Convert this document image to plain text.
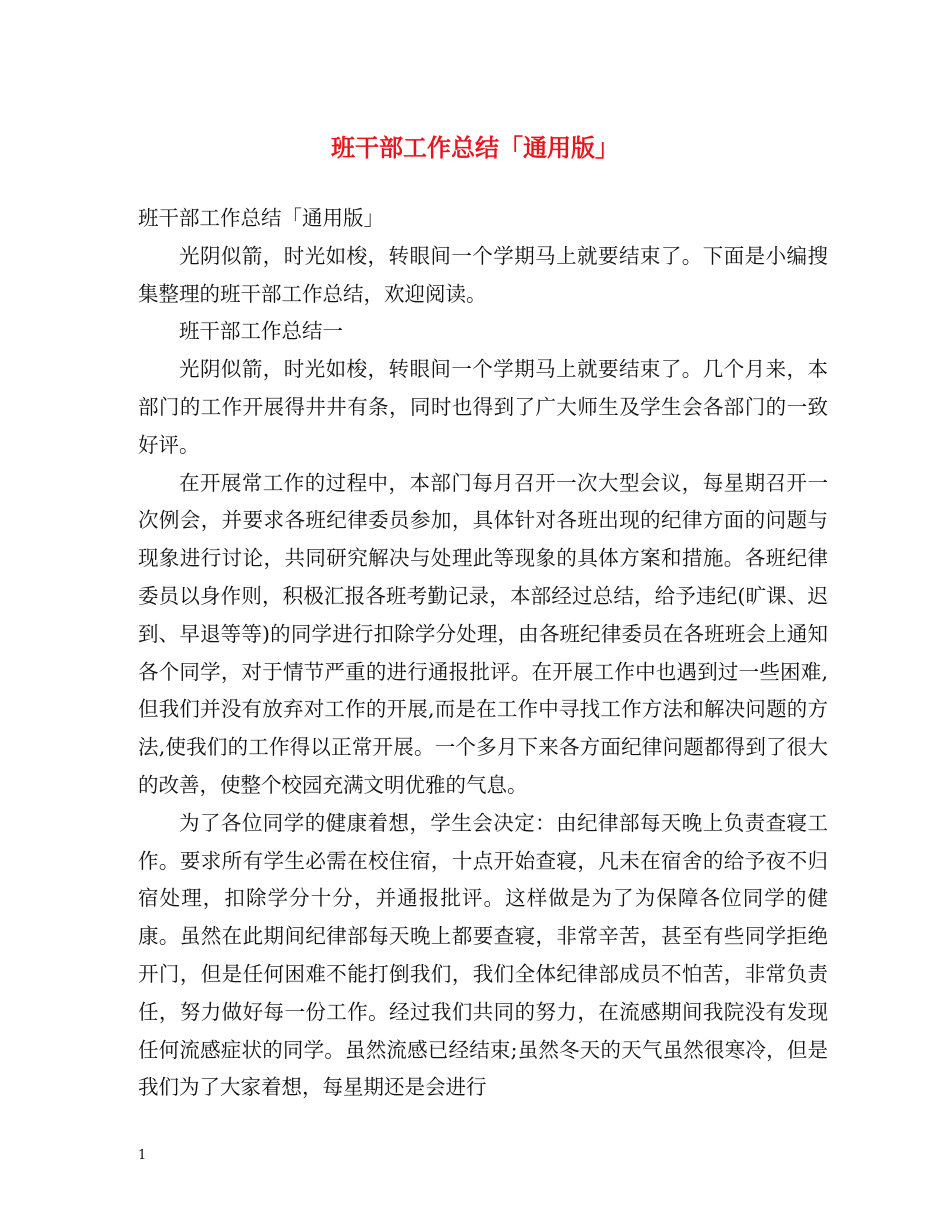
班干部工作总结「通用版」

班干部工作总结「通用版」

光阴似箭，时光如梭，转眼间一个学期马上就要结束了。下面是小编搜集整理的班干部工作总结，欢迎阅读。

班干部工作总结一

光阴似箭，时光如梭，转眼间一个学期马上就要结束了。几个月来，本部门的工作开展得井井有条，同时也得到了广大师生及学生会各部门的一致好评。

在开展常工作的过程中，本部门每月召开一次大型会议，每星期召开一次例会，并要求各班纪律委员参加，具体针对各班出现的纪律方面的问题与现象进行讨论，共同研究解决与处理此等现象的具体方案和措施。各班纪律委员以身作则，积极汇报各班考勤记录，本部经过总结，给予违纪(旷课、迟到、早退等等)的同学进行扣除学分处理，由各班纪律委员在各班班会上通知各个同学，对于情节严重的进行通报批评。在开展工作中也遇到过一些困难,但我们并没有放弃对工作的开展,而是在工作中寻找工作方法和解决问题的方法,使我们的工作得以正常开展。一个多月下来各方面纪律问题都得到了很大的改善，使整个校园充满文明优雅的气息。

为了各位同学的健康着想，学生会决定：由纪律部每天晚上负责查寝工作。要求所有学生必需在校住宿，十点开始查寝，凡未在宿舍的给予夜不归宿处理，扣除学分十分，并通报批评。这样做是为了为保障各位同学的健康。虽然在此期间纪律部每天晚上都要查寝，非常辛苦，甚至有些同学拒绝开门，但是任何困难不能打倒我们，我们全体纪律部成员不怕苦，非常负责任，努力做好每一份工作。经过我们共同的努力，在流感期间我院没有发现任何流感症状的同学。虽然流感已经结束;虽然冬天的天气虽然很寒冷，但是我们为了大家着想，每星期还是会进行

1
